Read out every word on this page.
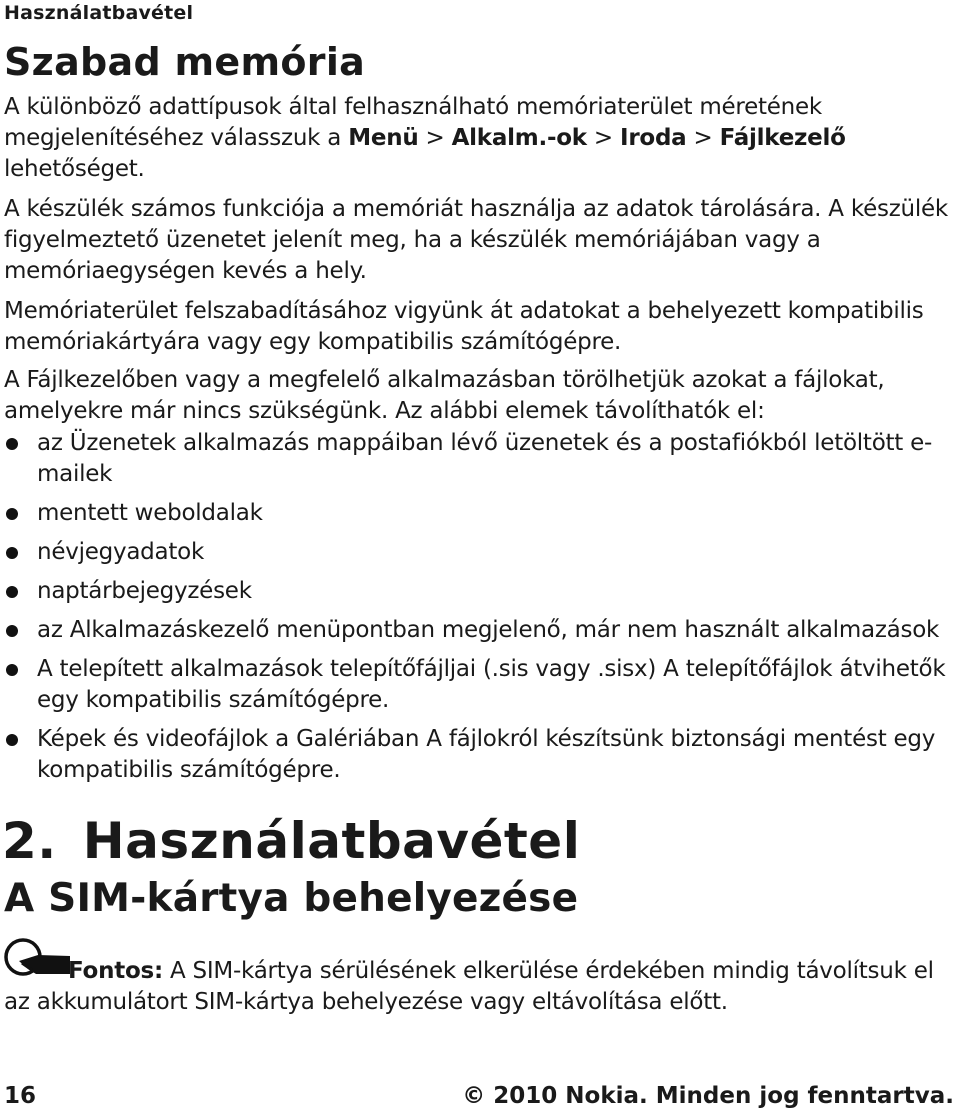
Használatbavétel
Szabad memória

A különböző adattípusok által felhasználható memóriaterület méretének megjelenítéséhez válasszuk a Menü > Alkalm.-ok > Iroda > Fájlkezelő lehetőséget.

A készülék számos funkciója a memóriát használja az adatok tárolására. A készülék figyelmeztető üzenetet jelenít meg, ha a készülék memóriájában vagy a memóriaegységen kevés a hely.

Memóriaterület felszabadításához vigyünk át adatokat a behelyezett kompatibilis memóriakártyára vagy egy kompatibilis számítógépre.

A Fájlkezelőben vagy a megfelelő alkalmazásban törölhetjük azokat a fájlokat, amelyekre már nincs szükségünk. Az alábbi elemek távolíthatók el:

az Üzenetek alkalmazás mappáiban lévő üzenetek és a postafiókból letöltött e-mailek
mentett weboldalak
névjegyadatok
naptárbejegyzések
az Alkalmazáskezelő menüpontban megjelenő, már nem használt alkalmazások
A telepített alkalmazások telepítőfájljai (.sis vagy .sisx) A telepítőfájlok átvihetők egy kompatibilis számítógépre.
Képek és videofájlok a Galériában A fájlokról készítsünk biztonsági mentést egy kompatibilis számítógépre.
2. Használatbavétel
A SIM-kártya behelyezése

Fontos: A SIM-kártya sérülésének elkerülése érdekében mindig távolítsuk el az akkumulátort SIM-kártya behelyezése vagy eltávolítása előtt.

16	© 2010 Nokia. Minden jog fenntartva.
